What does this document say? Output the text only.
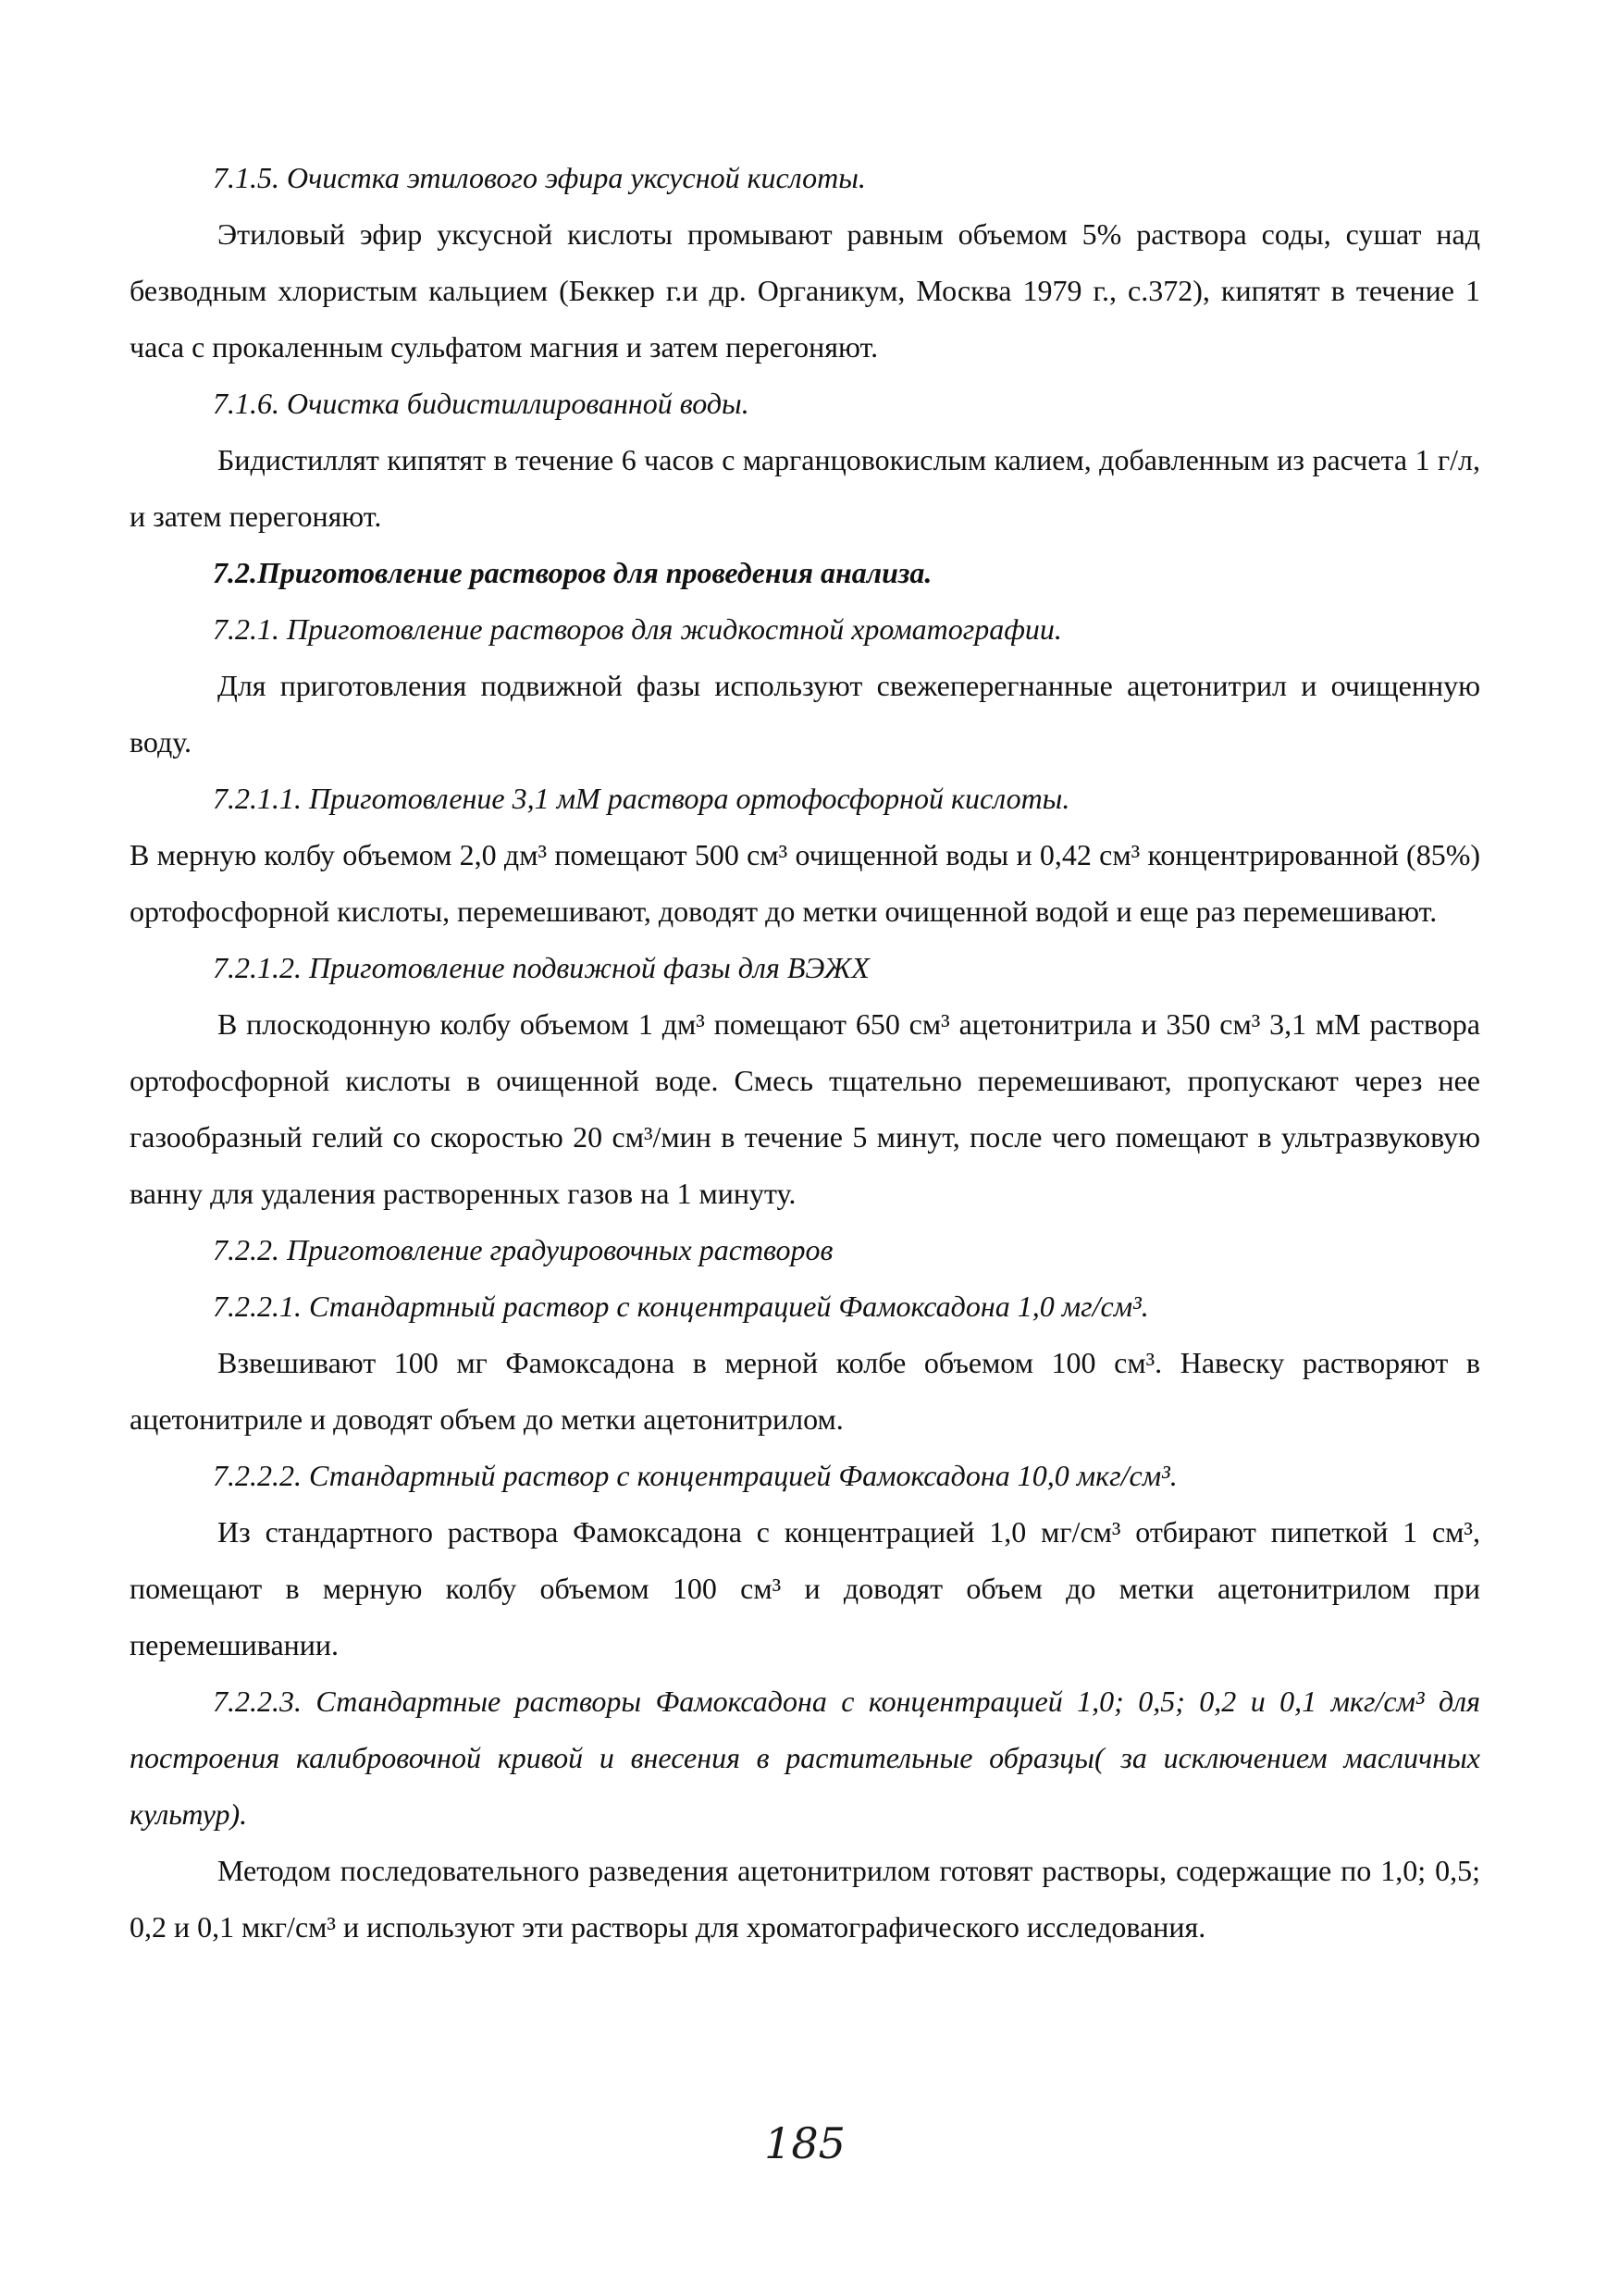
7.1.5. Очистка этилового эфира уксусной кислоты.

Этиловый эфир уксусной кислоты промывают равным объемом 5% раствора соды, сушат над безводным хлористым кальцием (Беккер г.и др. Органикум, Москва 1979 г., с.372), кипятят в течение 1 часа с прокаленным сульфатом магния и затем перегоняют.

7.1.6. Очистка бидистиллированной воды.

Бидистиллят кипятят в течение 6 часов с марганцовокислым калием, добавленным из расчета 1 г/л, и затем перегоняют.

7.2.Приготовление растворов для проведения анализа.

7.2.1. Приготовление растворов для жидкостной хроматографии.

Для приготовления подвижной фазы используют свежеперегнанные ацетонитрил и очищенную воду.

7.2.1.1. Приготовление 3,1 мМ раствора ортофосфорной кислоты.

В мерную колбу объемом 2,0 дм³ помещают 500 см³ очищенной воды и 0,42 см³ концентрированной (85%) ортофосфорной кислоты, перемешивают, доводят до метки очищенной водой и еще раз перемешивают.

7.2.1.2. Приготовление подвижной фазы для ВЭЖХ

В плоскодонную колбу объемом 1 дм³ помещают 650 см³ ацетонитрила и 350 см³ 3,1 мМ раствора ортофосфорной кислоты в очищенной воде. Смесь тщательно перемешивают, пропускают через нее газообразный гелий со скоростью 20 см³/мин в течение 5 минут, после чего помещают в ультразвуковую ванну для удаления растворенных газов на 1 минуту.

7.2.2. Приготовление градуировочных растворов

7.2.2.1. Стандартный раствор с концентрацией Фамоксадона 1,0 мг/см³.

Взвешивают 100 мг Фамоксадона в мерной колбе объемом 100 см³. Навеску растворяют в ацетонитриле и доводят объем до метки ацетонитрилом.

7.2.2.2. Стандартный раствор с концентрацией Фамоксадона 10,0 мкг/см³.

Из стандартного раствора Фамоксадона с концентрацией 1,0 мг/см³ отбирают пипеткой 1 см³, помещают в мерную колбу объемом 100 см³ и доводят объем до метки ацетонитрилом при перемешивании.

7.2.2.3. Стандартные растворы Фамоксадона с концентрацией 1,0; 0,5; 0,2 и 0,1 мкг/см³ для построения калибровочной кривой и внесения в растительные образцы( за исключением масличных культур).

Методом последовательного разведения ацетонитрилом готовят растворы, содержащие по 1,0; 0,5; 0,2 и 0,1 мкг/см³ и используют эти растворы для хроматографического исследования.

185
